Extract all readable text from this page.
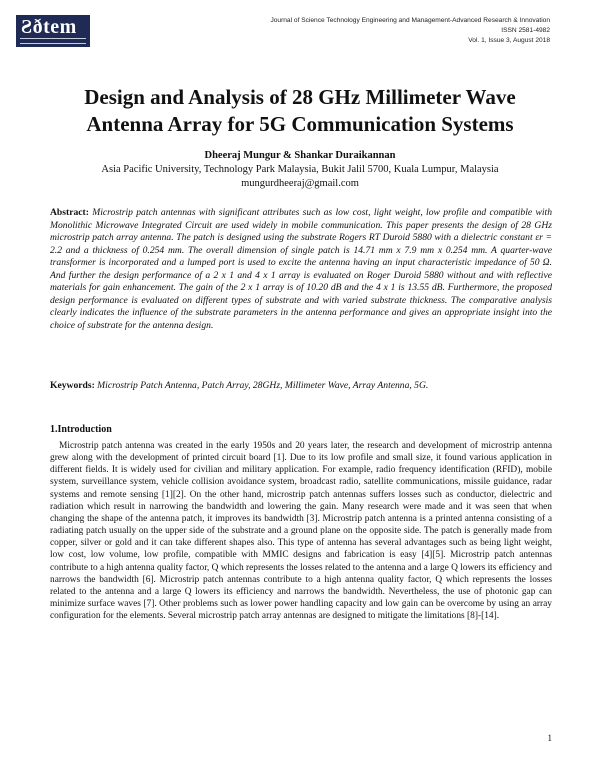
Ƨðtem	Journal of Science Technology Engineering and Management-Advanced Research & Innovation
ISSN 2581-4982
Vol. 1, Issue 3, August 2018
Design and Analysis of 28 GHz Millimeter Wave
Antenna Array for 5G Communication Systems
Dheeraj Mungur & Shankar Duraikannan
Asia Pacific University, Technology Park Malaysia, Bukit Jalil 5700, Kuala Lumpur, Malaysia
mungurdheeraj@gmail.com

Abstract: Microstrip patch antennas with significant attributes such as low cost, light weight, low profile and compatible with Monolithic Microwave Integrated Circuit are used widely in mobile communication. This paper presents the design of 28 GHz microstrip patch array antenna. The patch is designed using the substrate Rogers RT Duroid 5880 with a dielectric constant εr = 2.2 and a thickness of 0.254 mm. The overall dimension of single patch is 14.71 mm x 7.9 mm x 0.254 mm. A quarter-wave transformer is incorporated and a lumped port is used to excite the antenna having an input characteristic impedance of 50 Ω. And further the design performance of a 2 x 1 and 4 x 1 array is evaluated on Roger Duroid 5880 without and with reflective materials for gain enhancement. The gain of the 2 x 1 array is of 10.20 dB and the 4 x 1 is 13.55 dB. Furthermore, the proposed design performance is evaluated on different types of substrate and with varied substrate thickness. The comparative analysis clearly indicates the influence of the substrate parameters in the antenna performance and gives an appropriate insight into the choice of substrate for the antenna design.

Keywords: Microstrip Patch Antenna, Patch Array, 28GHz, Millimeter Wave, Array Antenna, 5G.

1.Introduction

Microstrip patch antenna was created in the early 1950s and 20 years later, the research and development of microstrip antenna grew along with the development of printed circuit board [1]. Due to its low profile and small size, it found various application in different fields. It is widely used for civilian and military application. For example, radio frequency identification (RFID), mobile system, surveillance system, vehicle collision avoidance system, broadcast radio, satellite communications, missile guidance, radar systems and remote sensing [1][2]. On the other hand, microstrip patch antennas suffers losses such as conductor, dielectric and radiation which result in narrowing the bandwidth and lowering the gain. Many research were made and it was seen that when changing the shape of the antenna patch, it improves its bandwidth [3]. Microstrip patch antenna is a printed antenna consisting of a radiating patch usually on the upper side of the substrate and a ground plane on the opposite side. The patch is generally made from copper, silver or gold and it can take different shapes also. This type of antenna has several advantages such as being light weight, low cost, low volume, low profile, compatible with MMIC designs and fabrication is easy [4][5]. Microstrip patch antennas contribute to a high antenna quality factor, Q which represents the losses related to the antenna and a large Q lowers its efficiency and narrows the bandwidth [6]. Microstrip patch antennas contribute to a high antenna quality factor, Q which represents the losses related to the antenna and a large Q lowers its efficiency and narrows the bandwidth. Nevertheless, the use of photonic gap can minimize surface waves [7]. Other problems such as lower power handling capacity and low gain can be overcome by using an array configuration for the elements. Several microstrip patch array antennas are designed to mitigate the limitations [8]-[14].

1
